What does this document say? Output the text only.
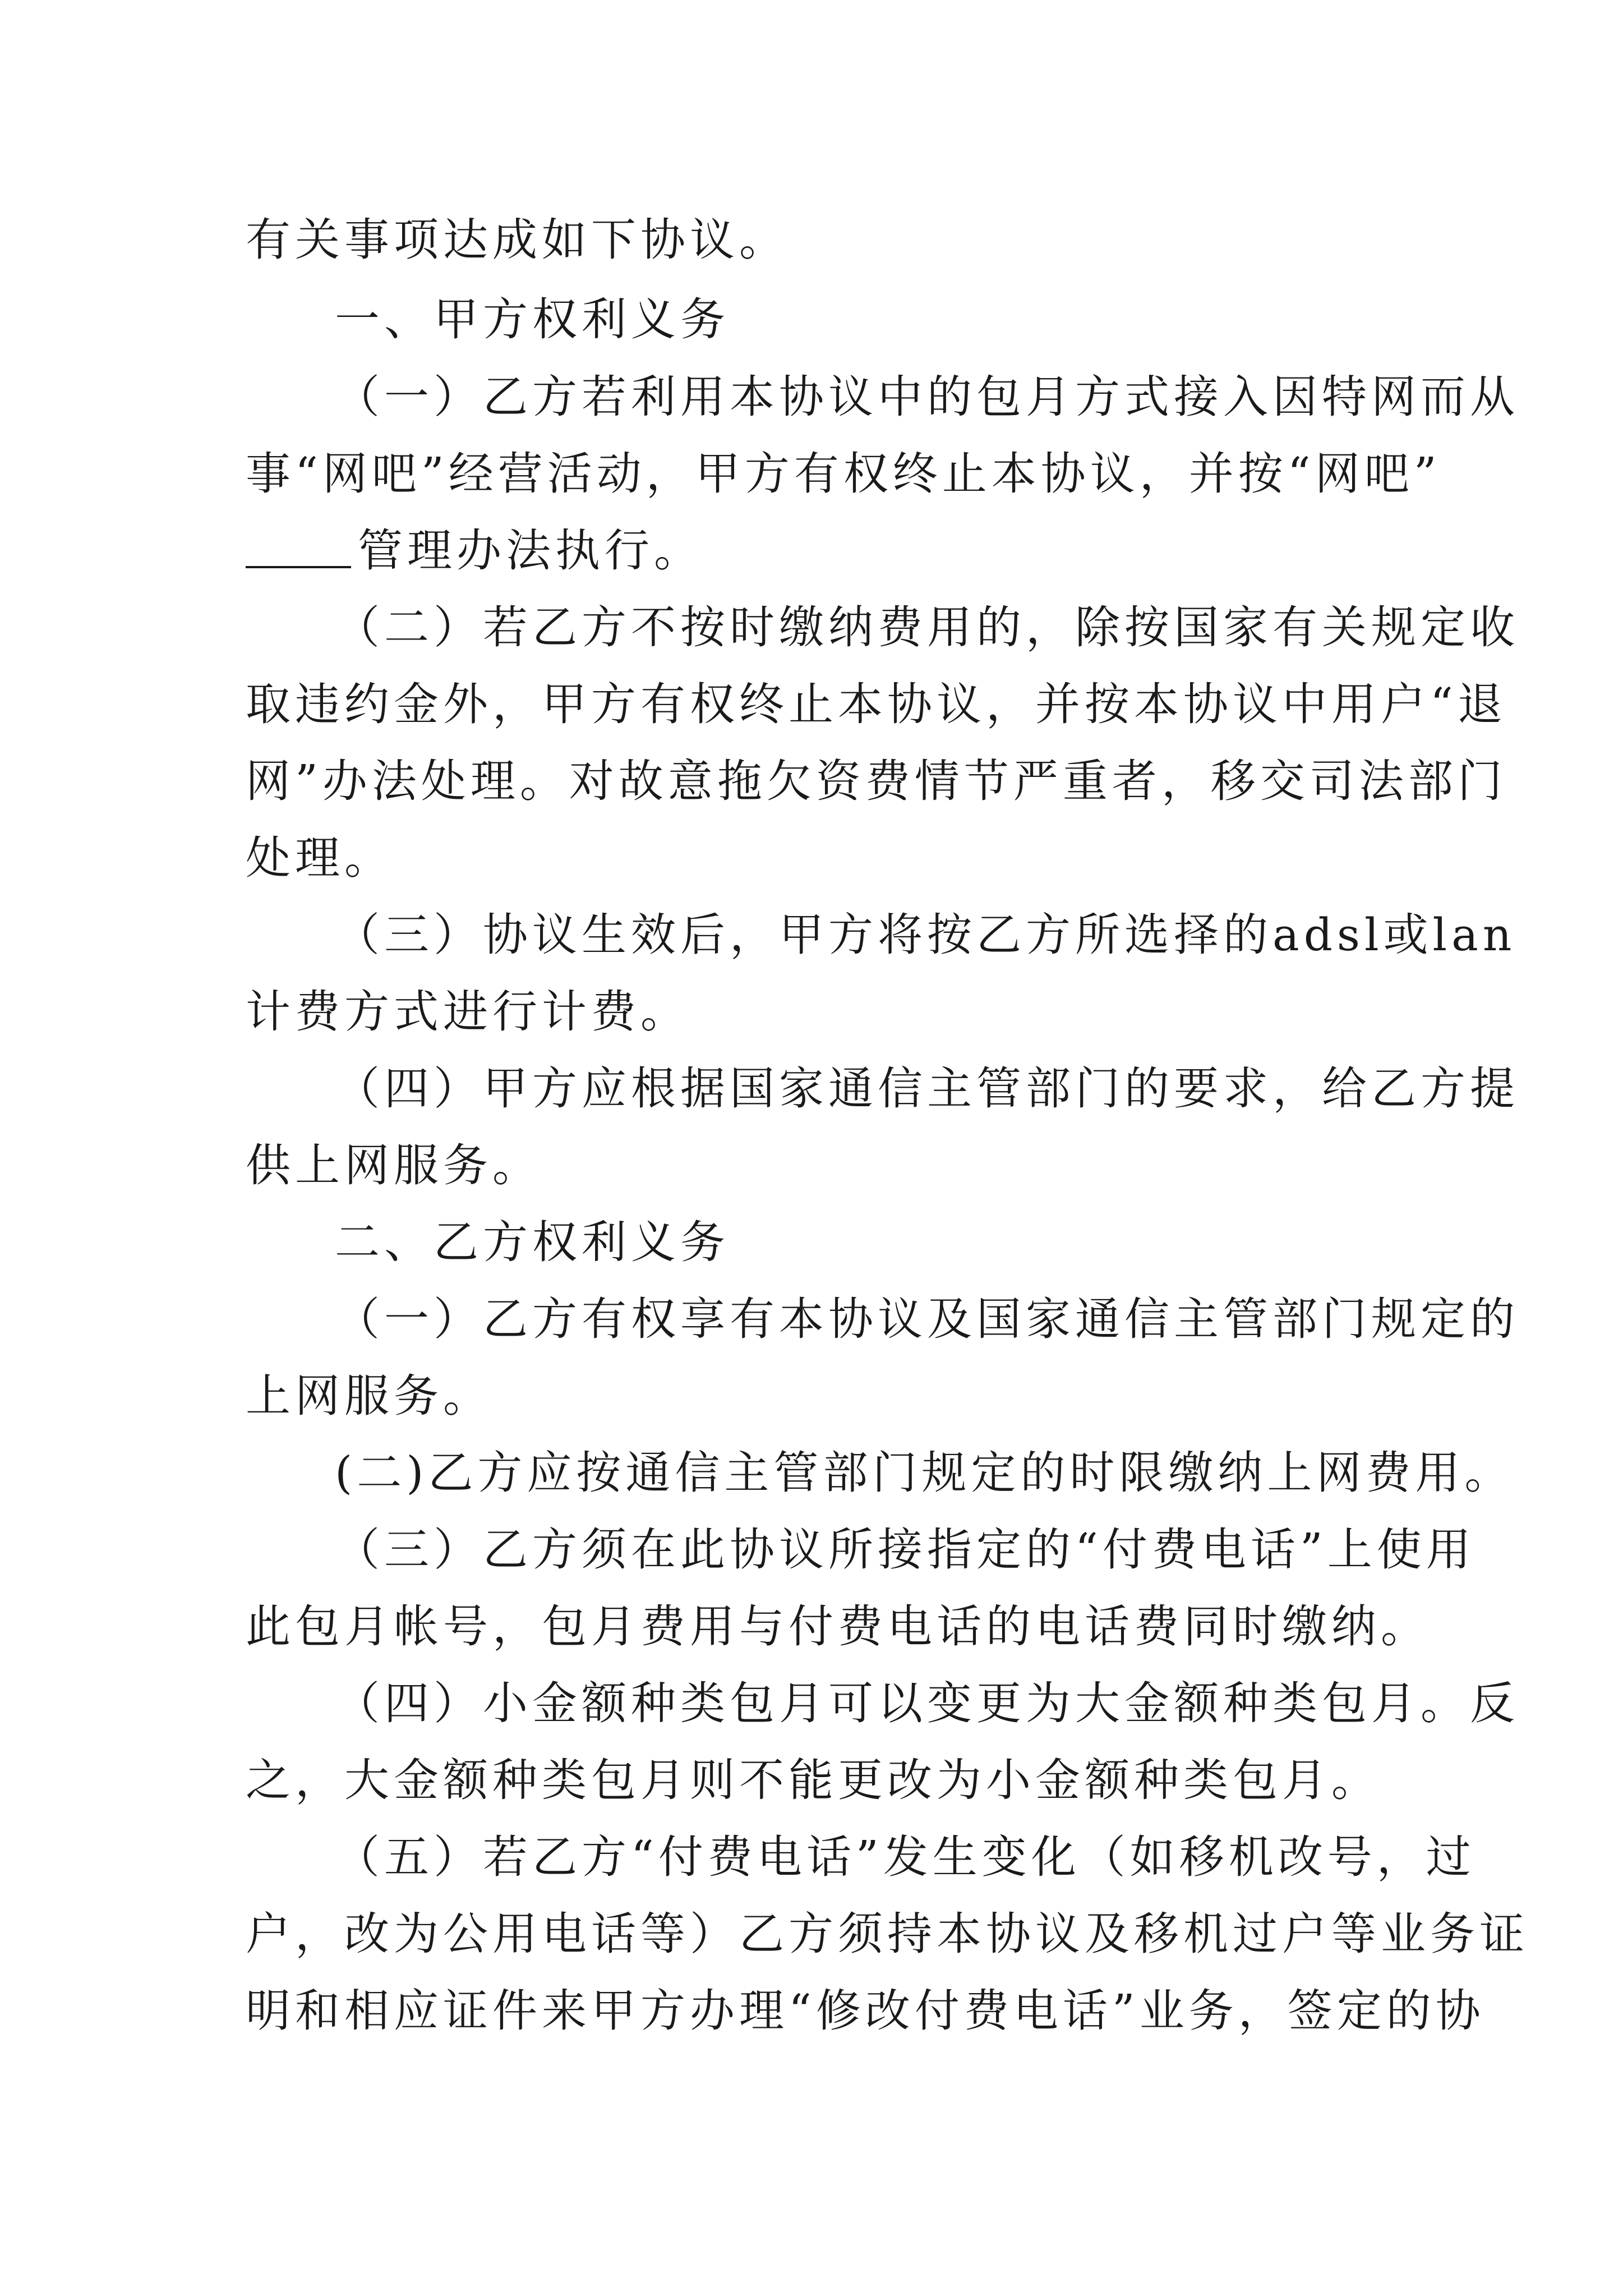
有关事项达成如下协议。
一、甲方权利义务
（一）乙方若利用本协议中的包月方式接入因特网而从
事“网吧”经营活动，甲方有权终止本协议，并按“网吧”
管理办法执行。
（二）若乙方不按时缴纳费用的，除按国家有关规定收
取违约金外，甲方有权终止本协议，并按本协议中用户“退
网”办法处理。对故意拖欠资费情节严重者，移交司法部门
处理。
（三）协议生效后，甲方将按乙方所选择的adsl或lan
计费方式进行计费。
（四）甲方应根据国家通信主管部门的要求，给乙方提
供上网服务。
二、乙方权利义务
（一）乙方有权享有本协议及国家通信主管部门规定的
上网服务。
(二)乙方应按通信主管部门规定的时限缴纳上网费用。
（三）乙方须在此协议所接指定的“付费电话”上使用
此包月帐号，包月费用与付费电话的电话费同时缴纳。
（四）小金额种类包月可以变更为大金额种类包月。反
之，大金额种类包月则不能更改为小金额种类包月。
（五）若乙方“付费电话”发生变化（如移机改号，过
户，改为公用电话等）乙方须持本协议及移机过户等业务证
明和相应证件来甲方办理“修改付费电话”业务，签定的协
